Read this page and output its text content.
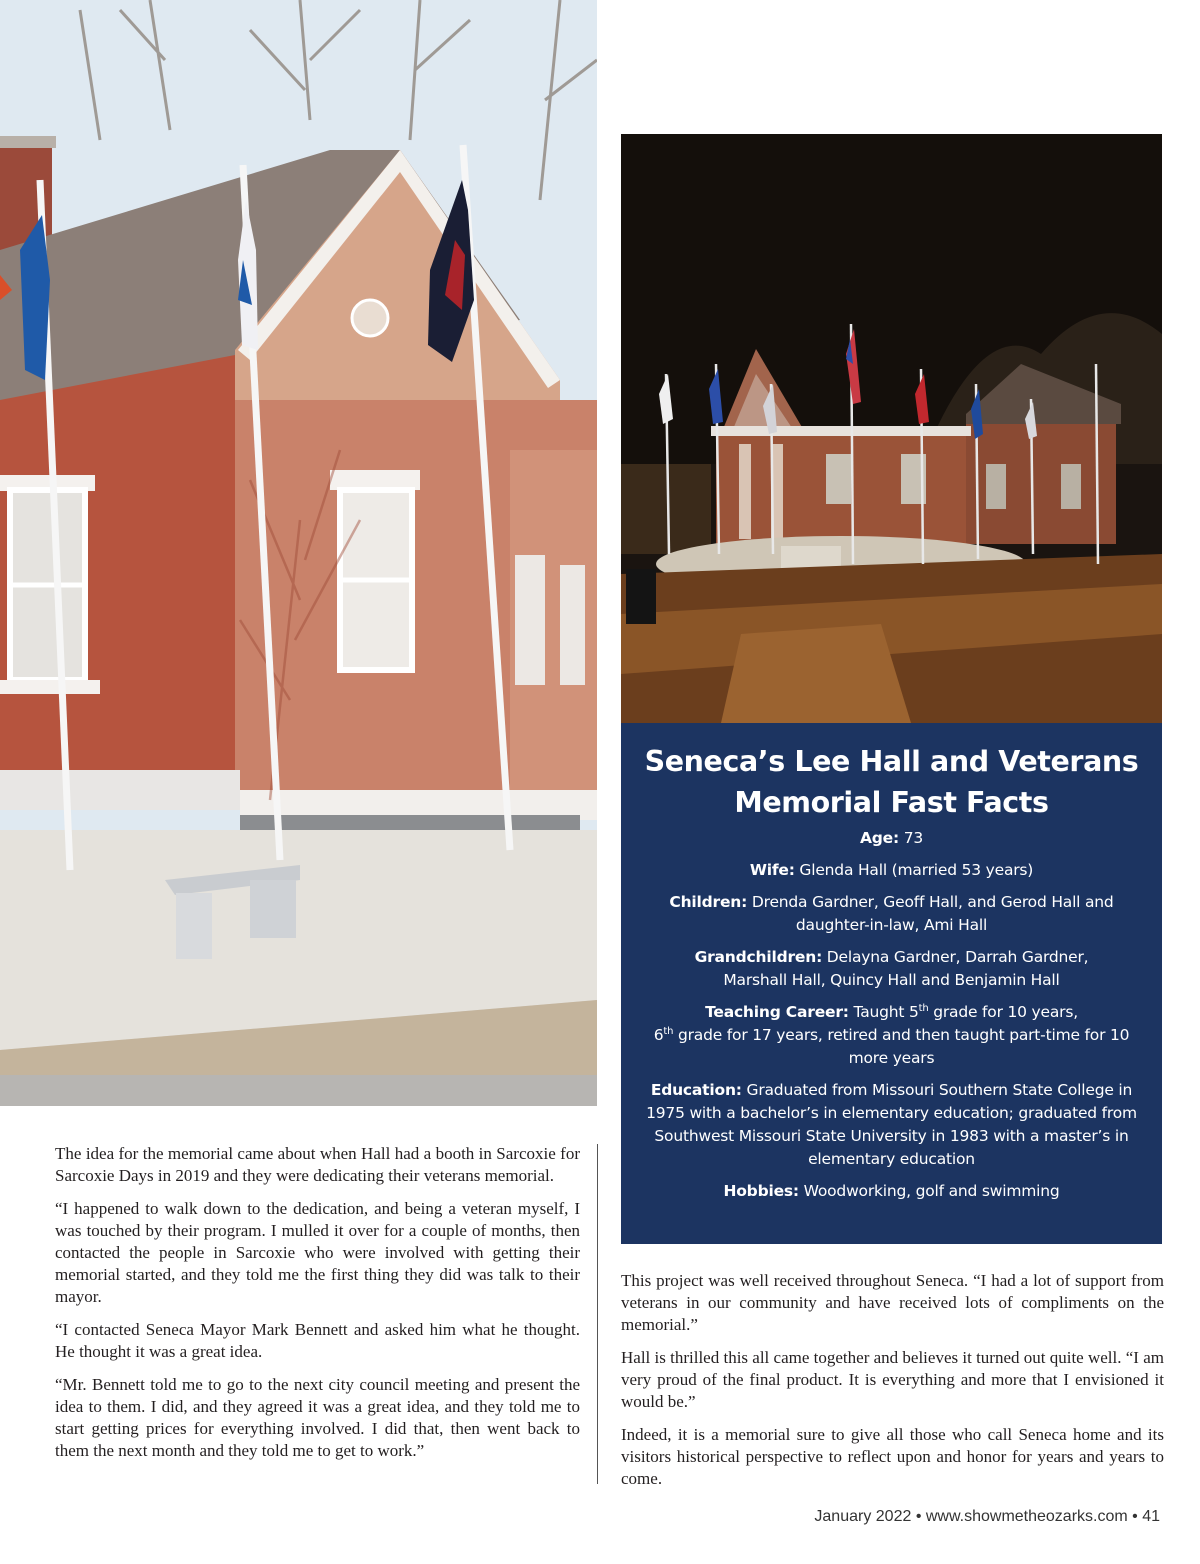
Seneca’s Lee Hall and Veterans
Memorial Fast Facts

Age: 73

Wife: Glenda Hall (married 53 years)

Children: Drenda Gardner, Geoff Hall, and Gerod Hall and daughter-in-law, Ami Hall

Grandchildren: Delayna Gardner, Darrah Gardner, Marshall Hall, Quincy Hall and Benjamin Hall

Teaching Career: Taught 5th grade for 10 years,
6th grade for 17 years, retired and then taught part-time for 10 more years

Education: Graduated from Missouri Southern State College in 1975 with a bachelor’s in elementary education; graduated from Southwest Missouri State University in 1983 with a master’s in elementary education

Hobbies: Woodworking, golf and swimming

The idea for the memorial came about when Hall had a booth in Sarcoxie for Sarcoxie Days in 2019 and they were dedicating their veterans memorial.

“I happened to walk down to the dedication, and being a veteran myself, I was touched by their program. I mulled it over for a couple of months, then contacted the people in Sarcoxie who were involved with getting their memorial started, and they told me the first thing they did was talk to their mayor.

“I contacted Seneca Mayor Mark Bennett and asked him what he thought. He thought it was a great idea.

“Mr. Bennett told me to go to the next city council meeting and present the idea to them. I did, and they agreed it was a great idea, and they told me to start getting prices for everything involved. I did that, then went back to them the next month and they told me to get to work.”

This project was well received throughout Seneca. “I had a lot of support from veterans in our community and have received lots of compliments on the memorial.”

Hall is thrilled this all came together and believes it turned out quite well. “I am very proud of the final product. It is everything and more that I envisioned it would be.”

Indeed, it is a memorial sure to give all those who call Seneca home and its visitors historical perspective to reflect upon and honor for years and years to come.

January 2022 • www.showmetheozarks.com • 41
